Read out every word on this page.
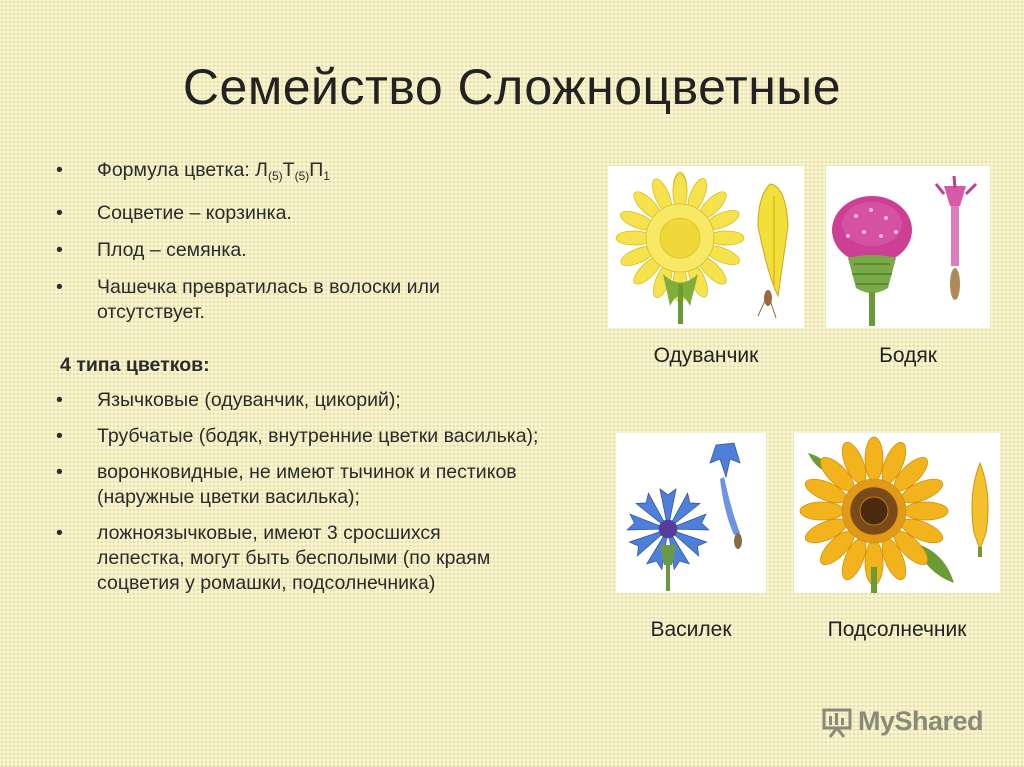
Семейство Сложноцветные
• Формула цветка: $Л_{(5)}Т_{(5)}П_1$
• Соцветие – корзинка.
• Плод – семянка.
• Чашечка превратилась в волоски или отсутствует.
4 типа цветков:
• Язычковые (одуванчик, цикорий);
• Трубчатые (бодяк, внутренние цветки василька);
• воронковидные, не имеют тычинок и пестиков (наружные цветки василька);
• ложноязычковые, имеют 3 сросшихся лепестка, могут быть бесполыми (по краям соцветия у ромашки, подсолнечника)
Одуванчик	Бодяк
Василек	Подсолнечник
MyShared
